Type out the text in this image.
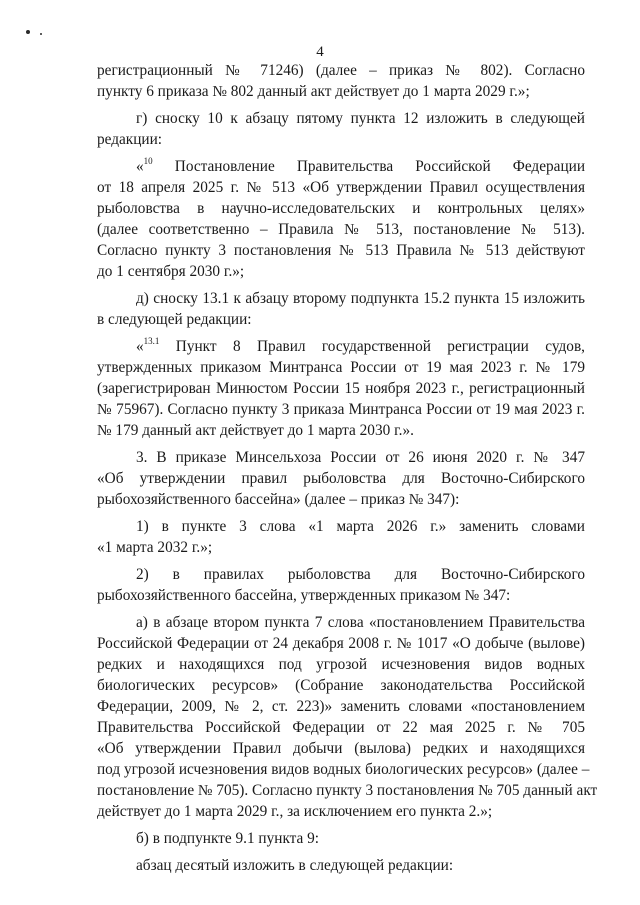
4
регистрационный № 71246) (далее – приказ № 802). Согласно
пункту 6 приказа № 802 данный акт действует до 1 марта 2029 г.»;
г) сноску 10 к абзацу пятому пункта 12 изложить в следующей
редакции:
«$^{10}$ Постановление Правительства Российской Федерации
от 18 апреля 2025 г. № 513 «Об утверждении Правил осуществления
рыболовства в научно-исследовательских и контрольных целях»
(далее соответственно – Правила № 513, постановление № 513).
Согласно пункту 3 постановления № 513 Правила № 513 действуют
до 1 сентября 2030 г.»;
д) сноску 13.1 к абзацу второму подпункта 15.2 пункта 15 изложить
в следующей редакции:
«$^{13.1}$ Пункт 8 Правил государственной регистрации судов,
утвержденных приказом Минтранса России от 19 мая 2023 г. № 179
(зарегистрирован Минюстом России 15 ноября 2023 г., регистрационный
№ 75967). Согласно пункту 3 приказа Минтранса России от 19 мая 2023 г.
№ 179 данный акт действует до 1 марта 2030 г.».
3. В приказе Минсельхоза России от 26 июня 2020 г. № 347
«Об утверждении правил рыболовства для Восточно-Сибирского
рыбохозяйственного бассейна» (далее – приказ № 347):
1) в пункте 3 слова «1 марта 2026 г.» заменить словами
«1 марта 2032 г.»;
2) в правилах рыболовства для Восточно-Сибирского
рыбохозяйственного бассейна, утвержденных приказом № 347:
а) в абзаце втором пункта 7 слова «постановлением Правительства
Российской Федерации от 24 декабря 2008 г. № 1017 «О добыче (вылове)
редких и находящихся под угрозой исчезновения видов водных
биологических ресурсов» (Собрание законодательства Российской
Федерации, 2009, № 2, ст. 223)» заменить словами «постановлением
Правительства Российской Федерации от 22 мая 2025 г. № 705
«Об утверждении Правил добычи (вылова) редких и находящихся
под угрозой исчезновения видов водных биологических ресурсов» (далее –
постановление № 705). Согласно пункту 3 постановления № 705 данный акт
действует до 1 марта 2029 г., за исключением его пункта 2.»;
б) в подпункте 9.1 пункта 9:
абзац десятый изложить в следующей редакции:
